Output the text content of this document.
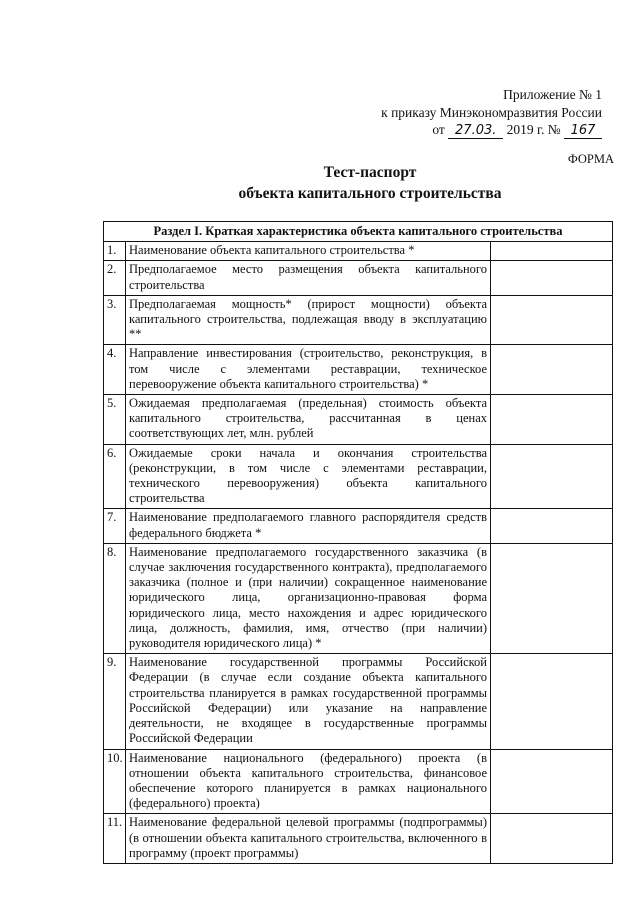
Приложение № 1
к приказу Минэкономразвития России
от 27.03. 2019 г. № 167
ФОРМА
Тест-паспорт
объекта капитального строительства
Раздел I. Краткая характеристика объекта капитального строительства		
1.	Наименование объекта капитального строительства *	
2.	Предполагаемое место размещения объекта капитального строительства	
3.	Предполагаемая мощность* (прирост мощности) объекта капитального строительства, подлежащая вводу в эксплуатацию **	
4.	Направление инвестирования (строительство, реконструкция, в том числе с элементами реставрации, техническое перевооружение объекта капитального строительства) *	
5.	Ожидаемая предполагаемая (предельная) стоимость объекта капитального строительства, рассчитанная в ценах соответствующих лет, млн. рублей	
6.	Ожидаемые сроки начала и окончания строительства (реконструкции, в том числе с элементами реставрации, технического перевооружения) объекта капитального строительства	
7.	Наименование предполагаемого главного распорядителя средств федерального бюджета *	
8.	Наименование предполагаемого государственного заказчика (в случае заключения государственного контракта), предполагаемого заказчика (полное и (при наличии) сокращенное наименование юридического лица, организационно-правовая форма юридического лица, место нахождения и адрес юридического лица, должность, фамилия, имя, отчество (при наличии) руководителя юридического лица) *	
9.	Наименование государственной программы Российской Федерации (в случае если создание объекта капитального строительства планируется в рамках государственной программы Российской Федерации) или указание на направление деятельности, не входящее в государственные программы Российской Федерации	
10.	Наименование национального (федерального) проекта (в отношении объекта капитального строительства, финансовое обеспечение которого планируется в рамках национального (федерального) проекта)	
11.	Наименование федеральной целевой программы (подпрограммы) (в отношении объекта капитального строительства, включенного в программу (проект программы)	
